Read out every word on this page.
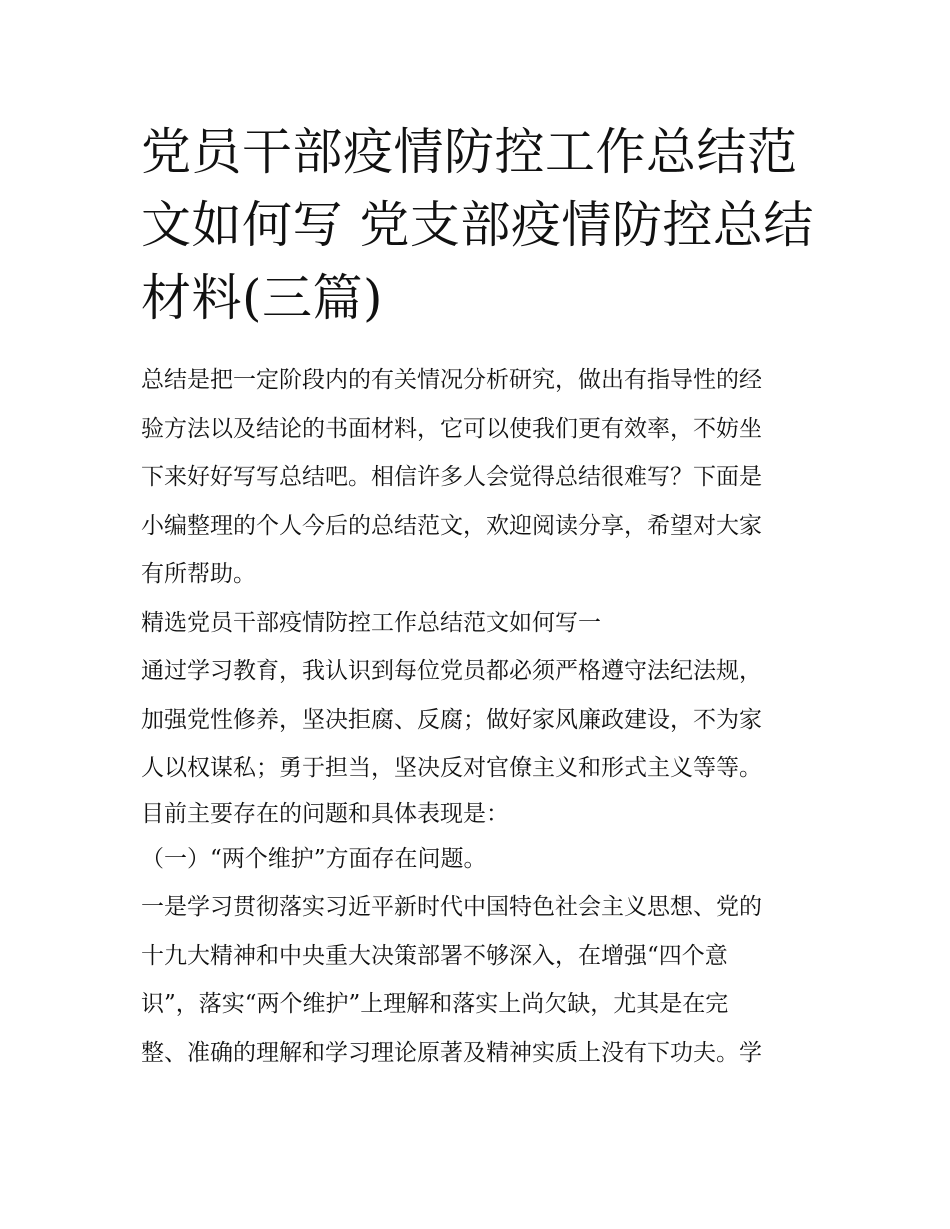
党员干部疫情防控工作总结范
文如何写 党支部疫情防控总结
材料(三篇)
总结是把一定阶段内的有关情况分析研究，做出有指导性的经
验方法以及结论的书面材料，它可以使我们更有效率，不妨坐
下来好好写写总结吧。相信许多人会觉得总结很难写？下面是
小编整理的个人今后的总结范文，欢迎阅读分享，希望对大家
有所帮助。
精选党员干部疫情防控工作总结范文如何写一
通过学习教育，我认识到每位党员都必须严格遵守法纪法规，
加强党性修养，坚决拒腐、反腐；做好家风廉政建设，不为家
人以权谋私；勇于担当，坚决反对官僚主义和形式主义等等。
目前主要存在的问题和具体表现是：
（一）“两个维护”方面存在问题。
一是学习贯彻落实习近平新时代中国特色社会主义思想、党的
十九大精神和中央重大决策部署不够深入，在增强“四个意
识”，落实“两个维护”上理解和落实上尚欠缺，尤其是在完
整、准确的理解和学习理论原著及精神实质上没有下功夫。学
